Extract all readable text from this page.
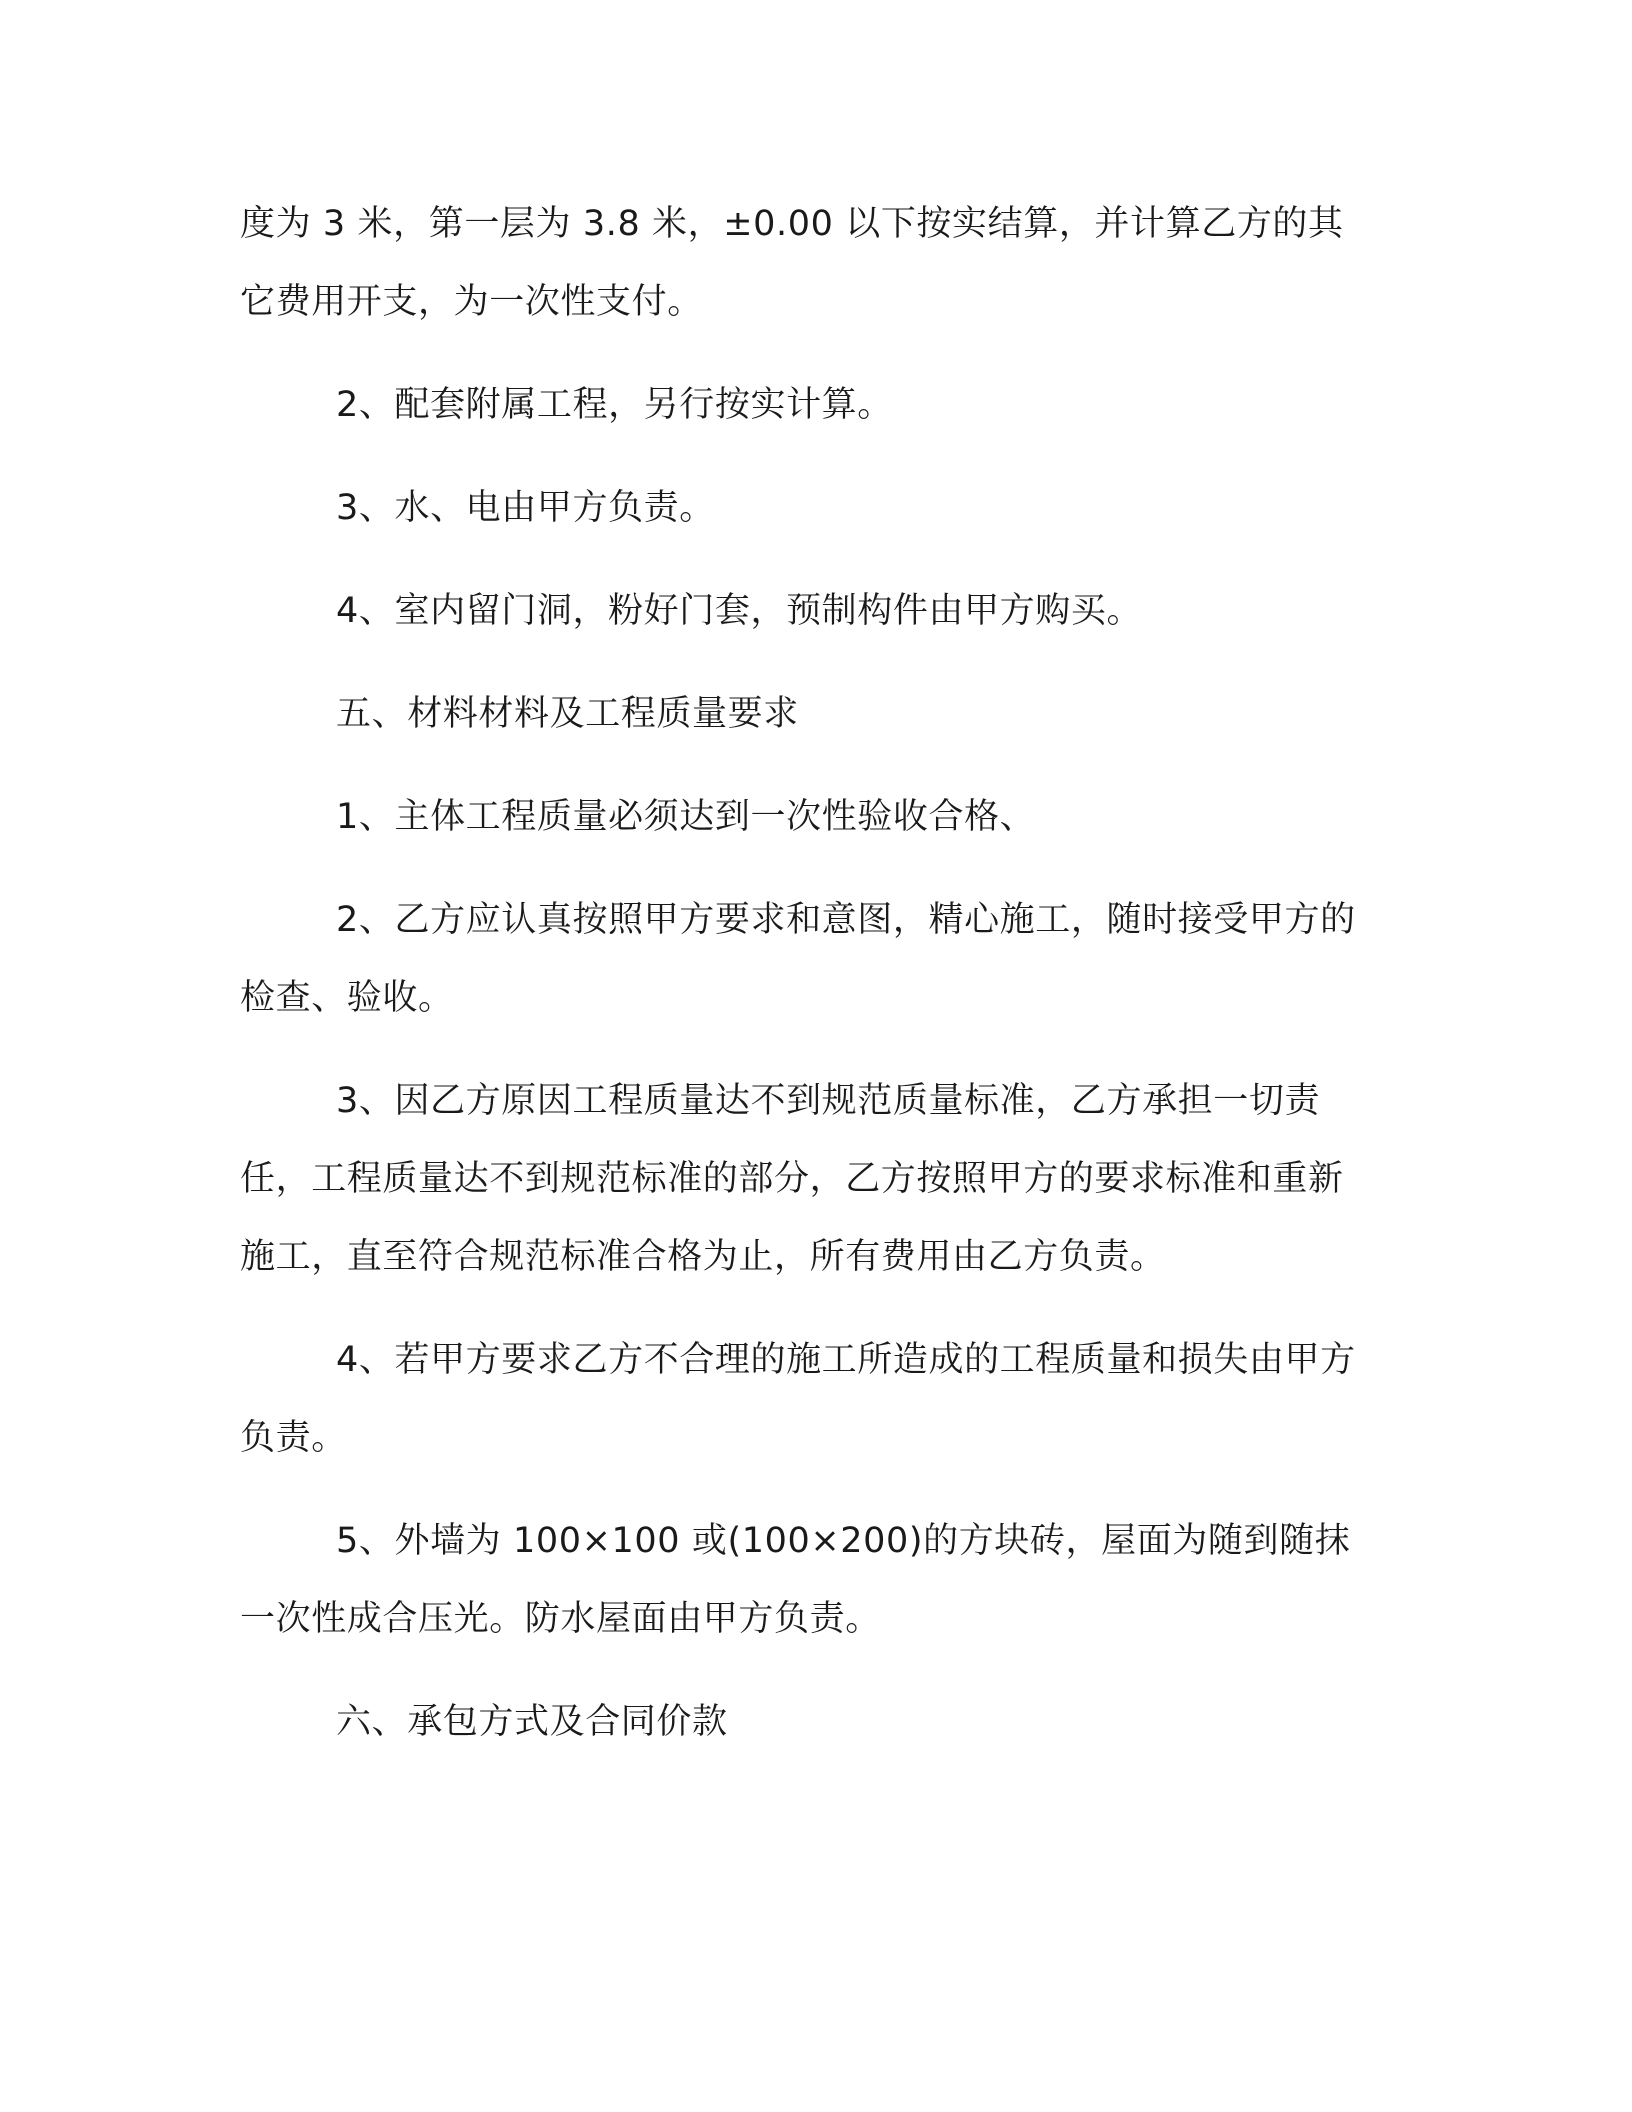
度为 3 米，第一层为 3.8 米，±0.00 以下按实结算，并计算乙方的其它费用开支，为一次性支付。

2、配套附属工程，另行按实计算。

3、水、电由甲方负责。

4、室内留门洞，粉好门套，预制构件由甲方购买。

五、材料材料及工程质量要求

1、主体工程质量必须达到一次性验收合格、

2、乙方应认真按照甲方要求和意图，精心施工，随时接受甲方的检查、验收。

3、因乙方原因工程质量达不到规范质量标准，乙方承担一切责任，工程质量达不到规范标准的部分，乙方按照甲方的要求标准和重新施工，直至符合规范标准合格为止，所有费用由乙方负责。

4、若甲方要求乙方不合理的施工所造成的工程质量和损失由甲方负责。

5、外墙为 100×100 或(100×200)的方块砖，屋面为随到随抹一次性成合压光。防水屋面由甲方负责。

六、承包方式及合同价款
